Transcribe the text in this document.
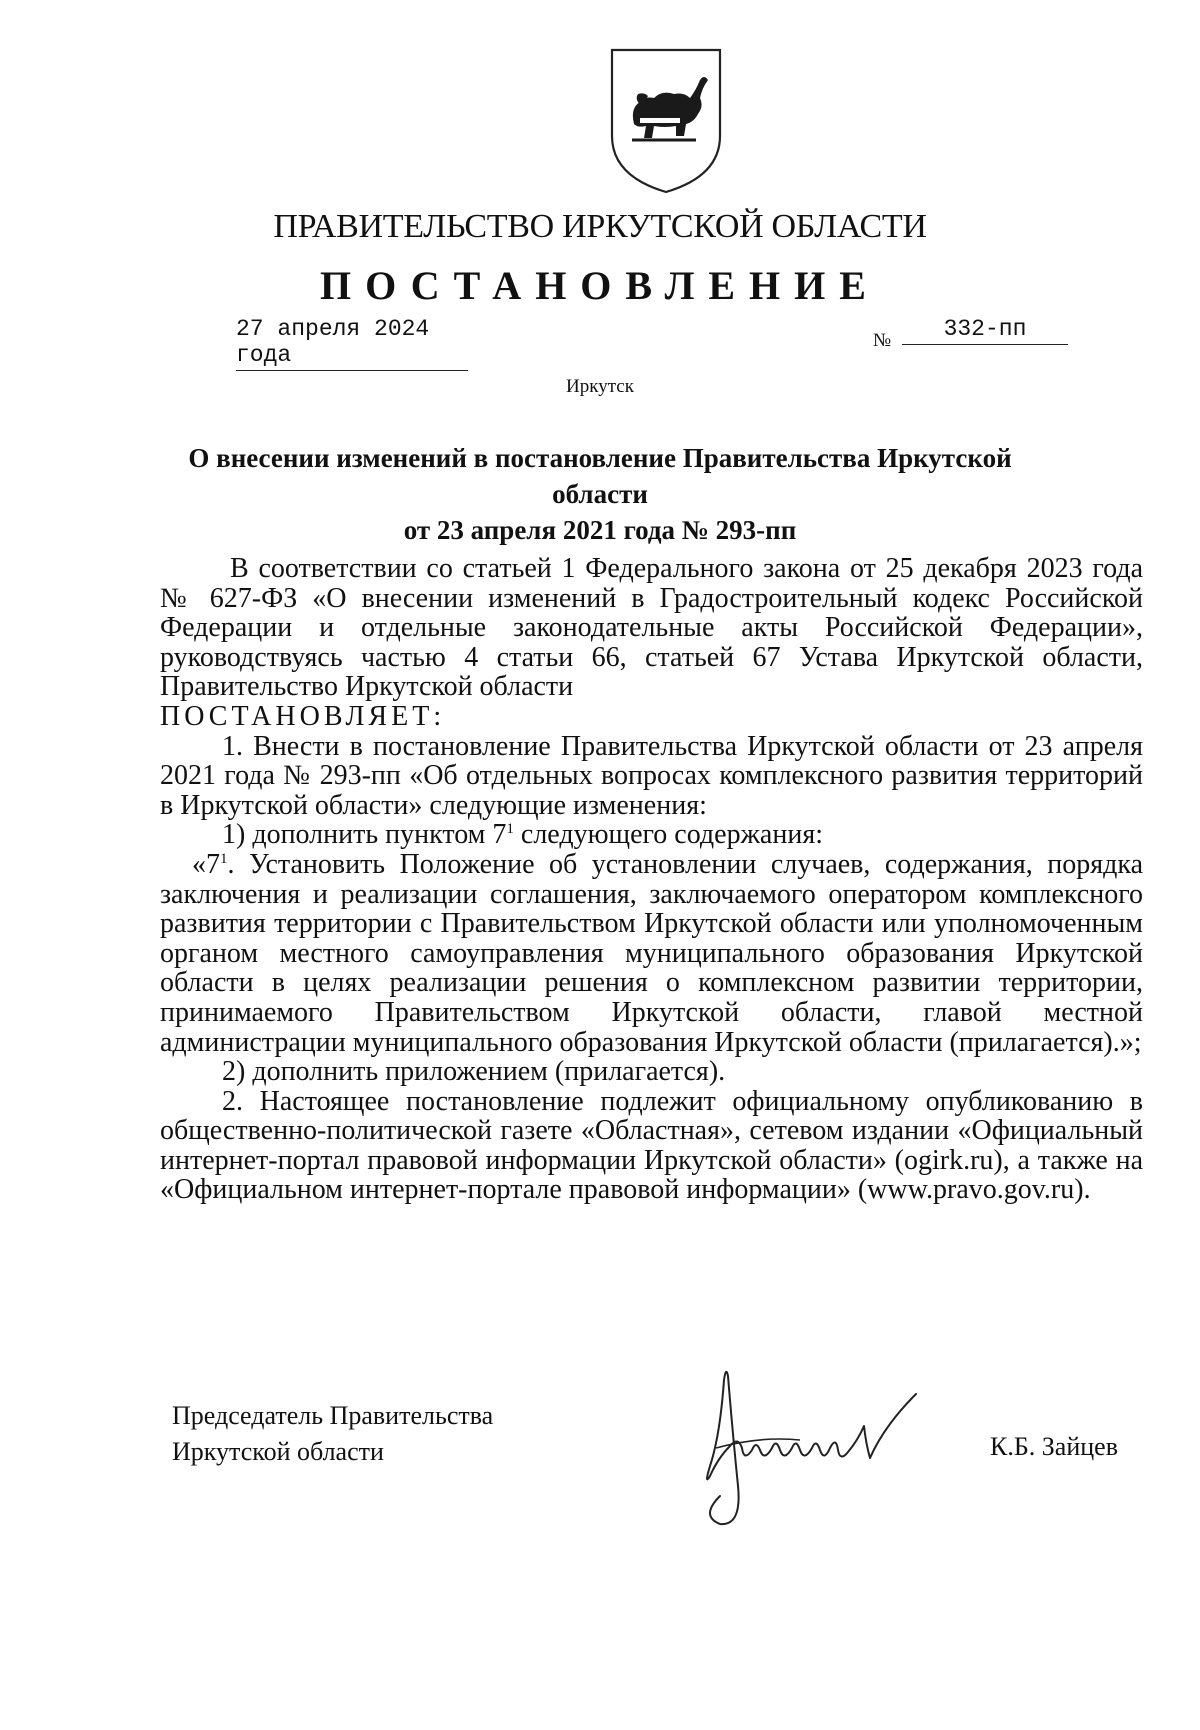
ПРАВИТЕЛЬСТВО ИРКУТСКОЙ ОБЛАСТИ
ПОСТАНОВЛЕНИЕ
27 апреля 2024 года
№	332-пп
Иркутск
О внесении изменений в постановление Правительства Иркутской области
от 23 апреля 2021 года № 293-пп

В соответствии со статьей 1 Федерального закона от 25 декабря 2023 года № 627-ФЗ «О внесении изменений в Градостроительный кодекс Российской Федерации и отдельные законодательные акты Российской Федерации», руководствуясь частью 4 статьи 66, статьей 67 Устава Иркутской области, Правительство Иркутской области

ПОСТАНОВЛЯЕТ:

1. Внести в постановление Правительства Иркутской области от 23 апреля 2021 года № 293-пп «Об отдельных вопросах комплексного развития территорий в Иркутской области» следующие изменения:

1) дополнить пунктом $7^1$ следующего содержания:

«$7^1$. Установить Положение об установлении случаев, содержания, порядка заключения и реализации соглашения, заключаемого оператором комплексного развития территории с Правительством Иркутской области или уполномоченным органом местного самоуправления муниципального образования Иркутской области в целях реализации решения о комплексном развитии территории, принимаемого Правительством Иркутской области, главой местной администрации муниципального образования Иркутской области (прилагается).»;

2) дополнить приложением (прилагается).

2. Настоящее постановление подлежит официальному опубликованию в общественно-политической газете «Областная», сетевом издании «Официальный интернет-портал правовой информации Иркутской области» (ogirk.ru), а также на «Официальном интернет-портале правовой информации» (www.pravo.gov.ru).

Председатель Правительства
Иркутской области	К.Б. Зайцев
